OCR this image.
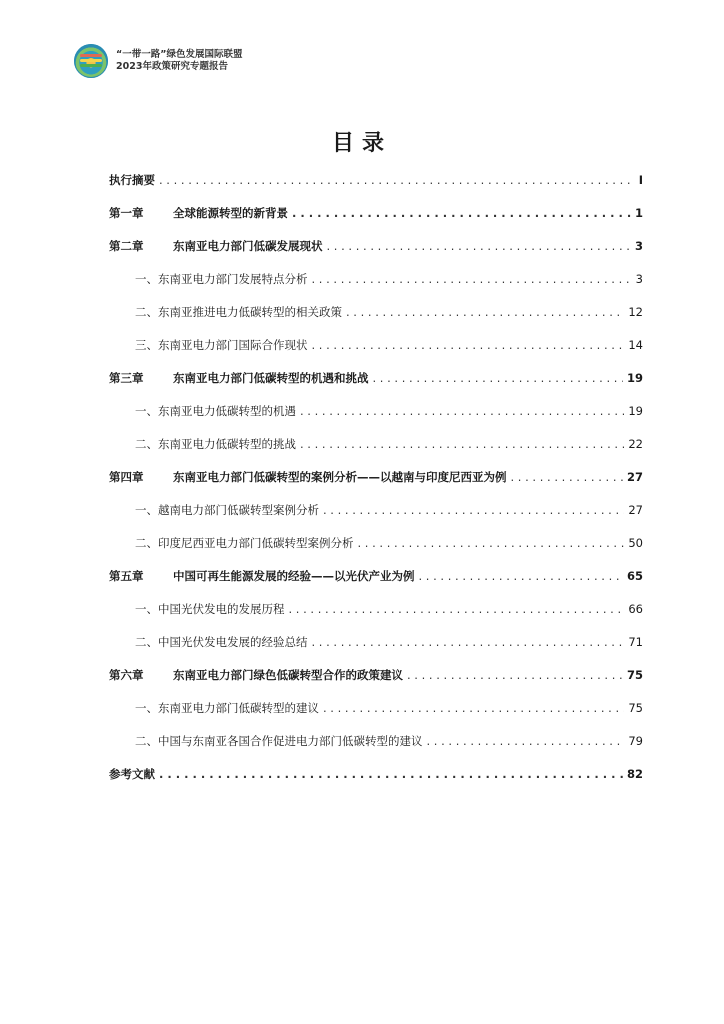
“一带一路”绿色发展国际联盟
2023年政策研究专题报告
目录
执行摘要 . . .	I
第一章	全球能源转型的新背景 . . .	1
第二章	东南亚电力部门低碳发展现状 . . .	3
一、东南亚电力部门发展特点分析 . . .	3
二、东南亚推进电力低碳转型的相关政策 . . .	12
三、东南亚电力部门国际合作现状 . . .	14
第三章	东南亚电力部门低碳转型的机遇和挑战 . . .	19
一、东南亚电力低碳转型的机遇 . . .	19
二、东南亚电力低碳转型的挑战 . . .	22
第四章	东南亚电力部门低碳转型的案例分析——以越南与印度尼西亚为例 . . .	27
一、越南电力部门低碳转型案例分析 . . .	27
二、印度尼西亚电力部门低碳转型案例分析 . . .	50
第五章	中国可再生能源发展的经验——以光伏产业为例 . . .	65
一、中国光伏发电的发展历程 . . .	66
二、中国光伏发电发展的经验总结 . . .	71
第六章	东南亚电力部门绿色低碳转型合作的政策建议 . . .	75
一、东南亚电力部门低碳转型的建议 . . .	75
二、中国与东南亚各国合作促进电力部门低碳转型的建议 . . .	79
参考文献 . . .	82
